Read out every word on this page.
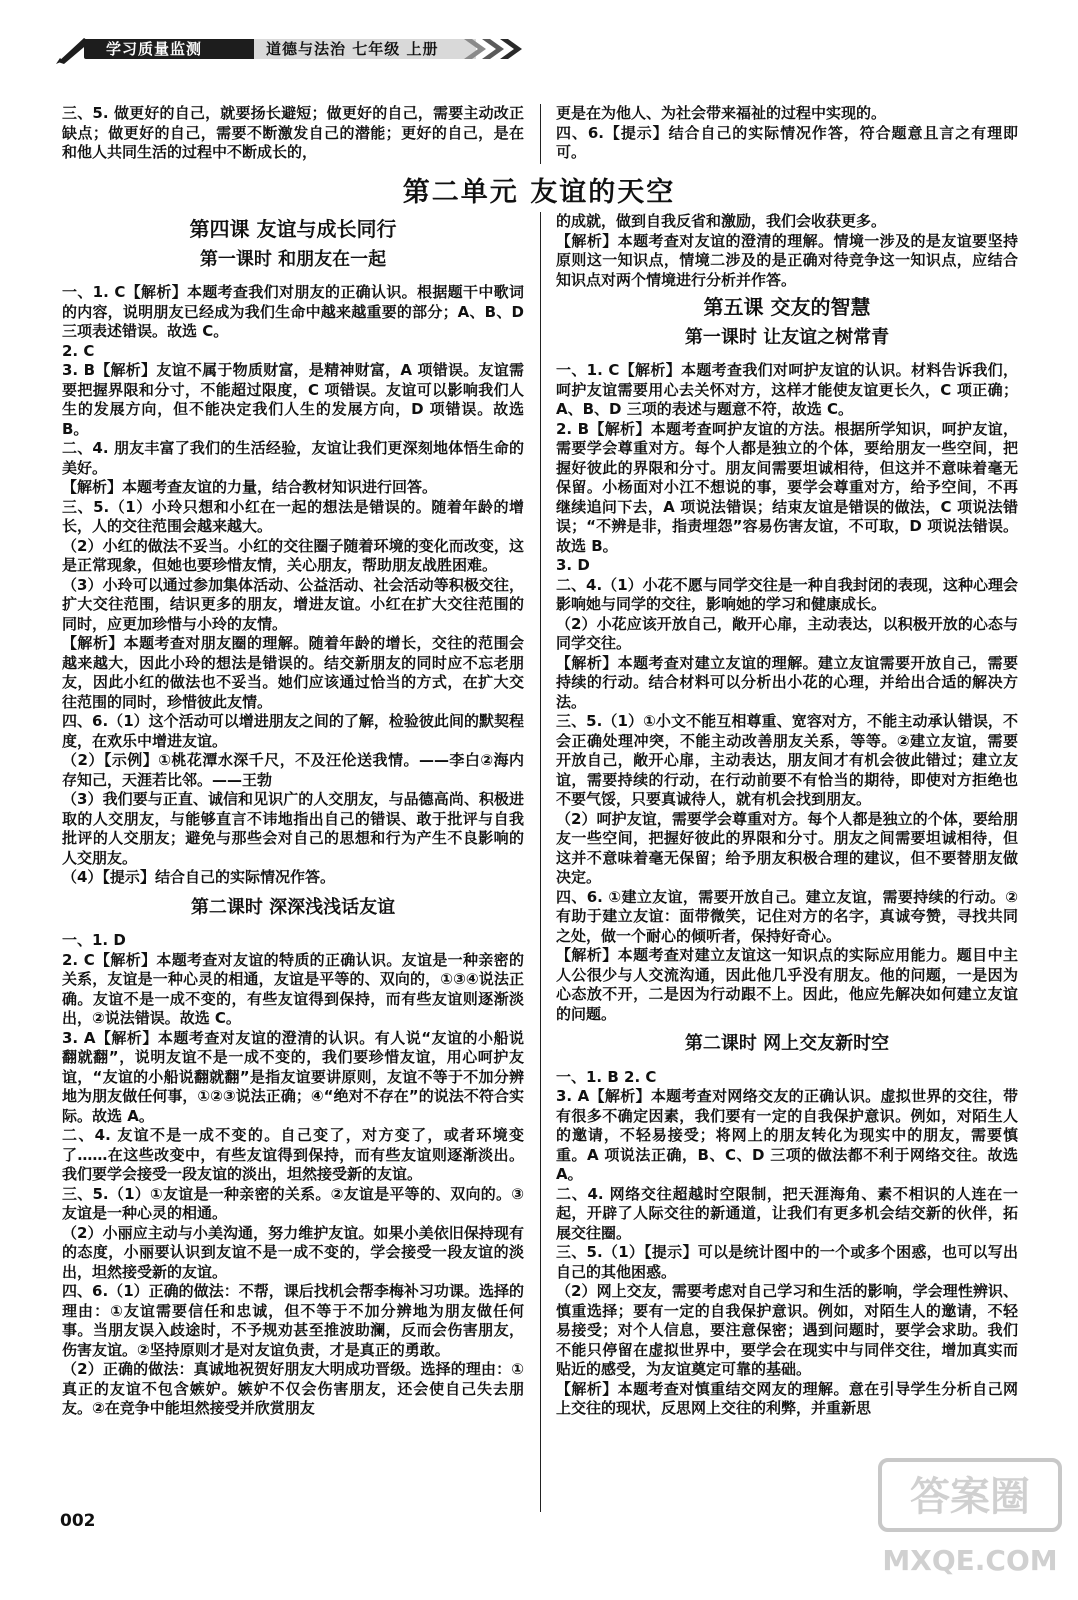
学习质量监测	道德与法治 七年级 上册

三、5. 做更好的自己，就要扬长避短；做更好的自己，需要主动改正缺点；做更好的自己，需要不断激发自己的潜能；更好的自己，是在和他人共同生活的过程中不断成长的，

更是在为他人、为社会带来福祉的过程中实现的。

四、6.【提示】结合自己的实际情况作答，符合题意且言之有理即可。

第二单元 友谊的天空
第四课 友谊与成长同行
第一课时 和朋友在一起

一、1. C【解析】本题考查我们对朋友的正确认识。根据题干中歌词的内容，说明朋友已经成为我们生命中越来越重要的部分；A、B、D 三项表述错误。故选 C。

2. C

3. B【解析】友谊不属于物质财富，是精神财富，A 项错误。友谊需要把握界限和分寸，不能超过限度，C 项错误。友谊可以影响我们人生的发展方向，但不能决定我们人生的发展方向，D 项错误。故选 B。

二、4. 朋友丰富了我们的生活经验，友谊让我们更深刻地体悟生命的美好。

【解析】本题考查友谊的力量，结合教材知识进行回答。

三、5.（1）小玲只想和小红在一起的想法是错误的。随着年龄的增长，人的交往范围会越来越大。

（2）小红的做法不妥当。小红的交往圈子随着环境的变化而改变，这是正常现象，但她也要珍惜友情，关心朋友，帮助朋友战胜困难。

（3）小玲可以通过参加集体活动、公益活动、社会活动等积极交往，扩大交往范围，结识更多的朋友，增进友谊。小红在扩大交往范围的同时，应更加珍惜与小玲的友情。

【解析】本题考查对朋友圈的理解。随着年龄的增长，交往的范围会越来越大，因此小玲的想法是错误的。结交新朋友的同时应不忘老朋友，因此小红的做法也不妥当。她们应该通过恰当的方式，在扩大交往范围的同时，珍惜彼此友情。

四、6.（1）这个活动可以增进朋友之间的了解，检验彼此间的默契程度，在欢乐中增进友谊。

（2）【示例】①桃花潭水深千尺，不及汪伦送我情。——李白②海内存知己，天涯若比邻。——王勃

（3）我们要与正直、诚信和见识广的人交朋友，与品德高尚、积极进取的人交朋友，与能够直言不讳地指出自己的错误、敢于批评与自我批评的人交朋友；避免与那些会对自己的思想和行为产生不良影响的人交朋友。

（4）【提示】结合自己的实际情况作答。

第二课时 深深浅浅话友谊

一、1. D

2. C【解析】本题考查对友谊的特质的正确认识。友谊是一种亲密的关系，友谊是一种心灵的相通，友谊是平等的、双向的，①③④说法正确。友谊不是一成不变的，有些友谊得到保持，而有些友谊则逐渐淡出，②说法错误。故选 C。

3. A【解析】本题考查对友谊的澄清的认识。有人说“友谊的小船说翻就翻”，说明友谊不是一成不变的，我们要珍惜友谊，用心呵护友谊，“友谊的小船说翻就翻”是指友谊要讲原则，友谊不等于不加分辨地为朋友做任何事，①②③说法正确；④“绝对不存在”的说法不符合实际。故选 A。

二、4. 友谊不是一成不变的。自己变了，对方变了，或者环境变了……在这些改变中，有些友谊得到保持，而有些友谊则逐渐淡出。我们要学会接受一段友谊的淡出，坦然接受新的友谊。

三、5.（1）①友谊是一种亲密的关系。②友谊是平等的、双向的。③友谊是一种心灵的相通。

（2）小丽应主动与小美沟通，努力维护友谊。如果小美依旧保持现有的态度，小丽要认识到友谊不是一成不变的，学会接受一段友谊的淡出，坦然接受新的友谊。

四、6.（1）正确的做法：不帮，课后找机会帮李梅补习功课。选择的理由：①友谊需要信任和忠诚，但不等于不加分辨地为朋友做任何事。当朋友误入歧途时，不予规劝甚至推波助澜，反而会伤害朋友，伤害友谊。②坚持原则才是对友谊负责，才是真正的勇敢。

（2）正确的做法：真诚地祝贺好朋友大明成功晋级。选择的理由：①真正的友谊不包含嫉妒。嫉妒不仅会伤害朋友，还会使自己失去朋友。②在竞争中能坦然接受并欣赏朋友

的成就，做到自我反省和激励，我们会收获更多。

【解析】本题考查对友谊的澄清的理解。情境一涉及的是友谊要坚持原则这一知识点，情境二涉及的是正确对待竞争这一知识点，应结合知识点对两个情境进行分析并作答。

第五课 交友的智慧
第一课时 让友谊之树常青

一、1. C【解析】本题考查我们对呵护友谊的认识。材料告诉我们，呵护友谊需要用心去关怀对方，这样才能使友谊更长久，C 项正确；A、B、D 三项的表述与题意不符，故选 C。

2. B【解析】本题考查呵护友谊的方法。根据所学知识，呵护友谊，需要学会尊重对方。每个人都是独立的个体，要给朋友一些空间，把握好彼此的界限和分寸。朋友间需要坦诚相待，但这并不意味着毫无保留。小杨面对小江不想说的事，要学会尊重对方，给予空间，不再继续追问下去，A 项说法错误；结束友谊是错误的做法，C 项说法错误；“不辨是非，指责埋怨”容易伤害友谊，不可取，D 项说法错误。故选 B。

3. D

二、4.（1）小花不愿与同学交往是一种自我封闭的表现，这种心理会影响她与同学的交往，影响她的学习和健康成长。

（2）小花应该开放自己，敞开心扉，主动表达，以积极开放的心态与同学交往。

【解析】本题考查对建立友谊的理解。建立友谊需要开放自己，需要持续的行动。结合材料可以分析出小花的心理，并给出合适的解决方法。

三、5.（1）①小文不能互相尊重、宽容对方，不能主动承认错误，不会正确处理冲突，不能主动改善朋友关系，等等。②建立友谊，需要开放自己，敞开心扉，主动表达，朋友间才有机会彼此错过；建立友谊，需要持续的行动，在行动前要不有恰当的期待，即使对方拒绝也不要气馁，只要真诚待人，就有机会找到朋友。

（2）呵护友谊，需要学会尊重对方。每个人都是独立的个体，要给朋友一些空间，把握好彼此的界限和分寸。朋友之间需要坦诚相待，但这并不意味着毫无保留；给予朋友积极合理的建议，但不要替朋友做决定。

四、6. ①建立友谊，需要开放自己。建立友谊，需要持续的行动。②有助于建立友谊：面带微笑，记住对方的名字，真诚夸赞，寻找共同之处，做一个耐心的倾听者，保持好奇心。

【解析】本题考查对建立友谊这一知识点的实际应用能力。题目中主人公很少与人交流沟通，因此他几乎没有朋友。他的问题，一是因为心态放不开，二是因为行动跟不上。因此，他应先解决如何建立友谊的问题。

第二课时 网上交友新时空

一、1. B 2. C

3. A【解析】本题考查对网络交友的正确认识。虚拟世界的交往，带有很多不确定因素，我们要有一定的自我保护意识。例如，对陌生人的邀请，不轻易接受；将网上的朋友转化为现实中的朋友，需要慎重。A 项说法正确，B、C、D 三项的做法都不利于网络交往。故选 A。

二、4. 网络交往超越时空限制，把天涯海角、素不相识的人连在一起，开辟了人际交往的新通道，让我们有更多机会结交新的伙伴，拓展交往圈。

三、5.（1）【提示】可以是统计图中的一个或多个困惑，也可以写出自己的其他困惑。

（2）网上交友，需要考虑对自己学习和生活的影响，学会理性辨识、慎重选择；要有一定的自我保护意识。例如，对陌生人的邀请，不轻易接受；对个人信息，要注意保密；遇到问题时，要学会求助。我们不能只停留在虚拟世界中，要学会在现实中与同伴交往，增加真实而贴近的感受，为友谊奠定可靠的基础。

【解析】本题考查对慎重结交网友的理解。意在引导学生分析自己网上交往的现状，反思网上交往的利弊，并重新思

002
答案圈
MXQE.COM
